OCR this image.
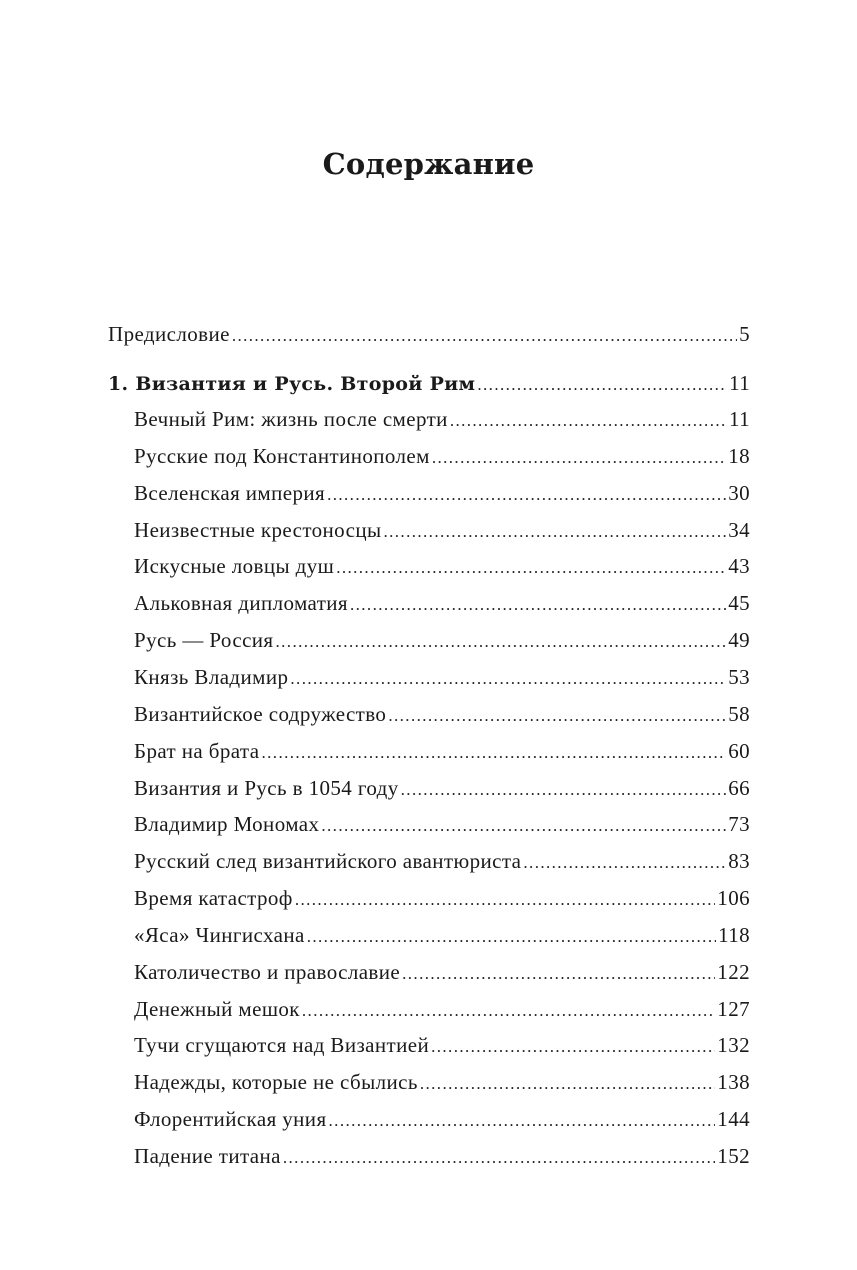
Содержание
Предисловие .....	5
1. Византия и Русь. Второй Рим .....	11
Вечный Рим: жизнь после смерти .....	11
Русские под Константинополем .....	18
Вселенская империя .....	30
Неизвестные крестоносцы .....	34
Искусные ловцы душ .....	43
Альковная дипломатия .....	45
Русь — Россия .....	49
Князь Владимир .....	53
Византийское содружество .....	58
Брат на брата .....	60
Византия и Русь в 1054 году .....	66
Владимир Мономах .....	73
Русский след византийского авантюриста .....	83
Время катастроф .....	106
«Яса» Чингисхана .....	118
Католичество и православие .....	122
Денежный мешок .....	127
Тучи сгущаются над Византией .....	132
Надежды, которые не сбылись .....	138
Флорентийская уния .....	144
Падение титана .....	152
